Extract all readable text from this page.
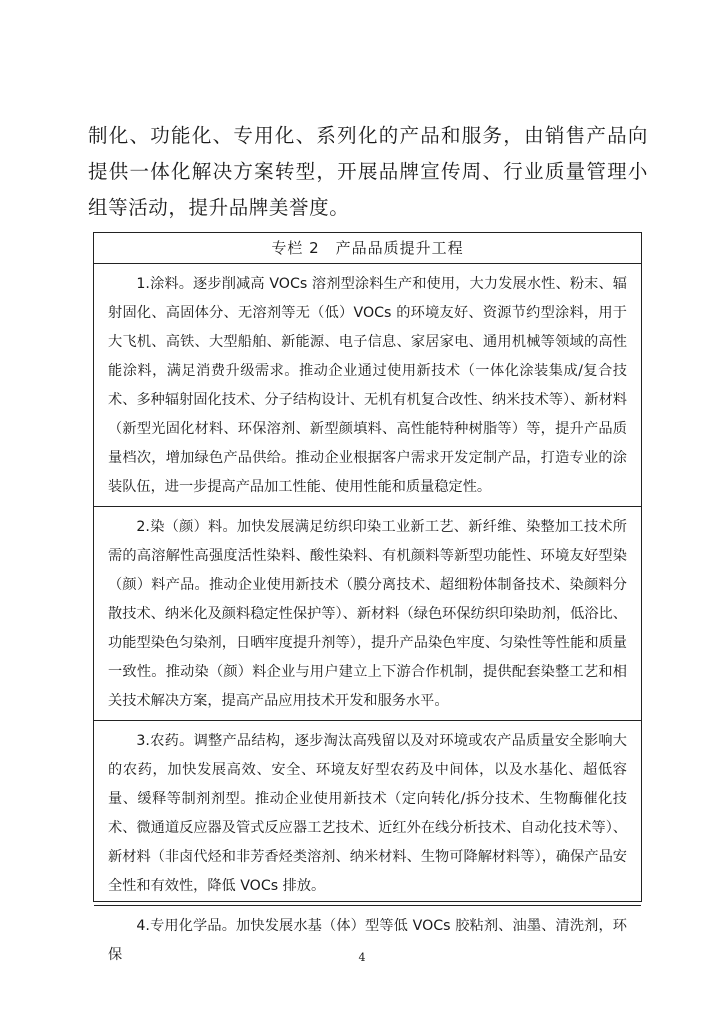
制化、功能化、专用化、系列化的产品和服务，由销售产品向提供一体化解决方案转型，开展品牌宣传周、行业质量管理小组等活动，提升品牌美誉度。
专栏 2 产品品质提升工程
1.涂料。逐步削减高 VOCs 溶剂型涂料生产和使用，大力发展水性、粉末、辐射固化、高固体分、无溶剂等无（低）VOCs 的环境友好、资源节约型涂料，用于大飞机、高铁、大型船舶、新能源、电子信息、家居家电、通用机械等领域的高性能涂料，满足消费升级需求。推动企业通过使用新技术（一体化涂装集成/复合技术、多种辐射固化技术、分子结构设计、无机有机复合改性、纳米技术等）、新材料（新型光固化材料、环保溶剂、新型颜填料、高性能特种树脂等）等，提升产品质量档次，增加绿色产品供给。推动企业根据客户需求开发定制产品，打造专业的涂装队伍，进一步提高产品加工性能、使用性能和质量稳定性。
2.染（颜）料。加快发展满足纺织印染工业新工艺、新纤维、染整加工技术所需的高溶解性高强度活性染料、酸性染料、有机颜料等新型功能性、环境友好型染（颜）料产品。推动企业使用新技术（膜分离技术、超细粉体制备技术、染颜料分散技术、纳米化及颜料稳定性保护等）、新材料（绿色环保纺织印染助剂，低浴比、功能型染色匀染剂，日晒牢度提升剂等），提升产品染色牢度、匀染性等性能和质量一致性。推动染（颜）料企业与用户建立上下游合作机制，提供配套染整工艺和相关技术解决方案，提高产品应用技术开发和服务水平。
3.农药。调整产品结构，逐步淘汰高残留以及对环境或农产品质量安全影响大的农药，加快发展高效、安全、环境友好型农药及中间体，以及水基化、超低容量、缓释等制剂剂型。推动企业使用新技术（定向转化/拆分技术、生物酶催化技术、微通道反应器及管式反应器工艺技术、近红外在线分析技术、自动化技术等）、新材料（非卤代烃和非芳香烃类溶剂、纳米材料、生物可降解材料等），确保产品安全性和有效性，降低 VOCs 排放。
4.专用化学品。加快发展水基（体）型等低 VOCs 胶粘剂、油墨、清洗剂，环保	4
